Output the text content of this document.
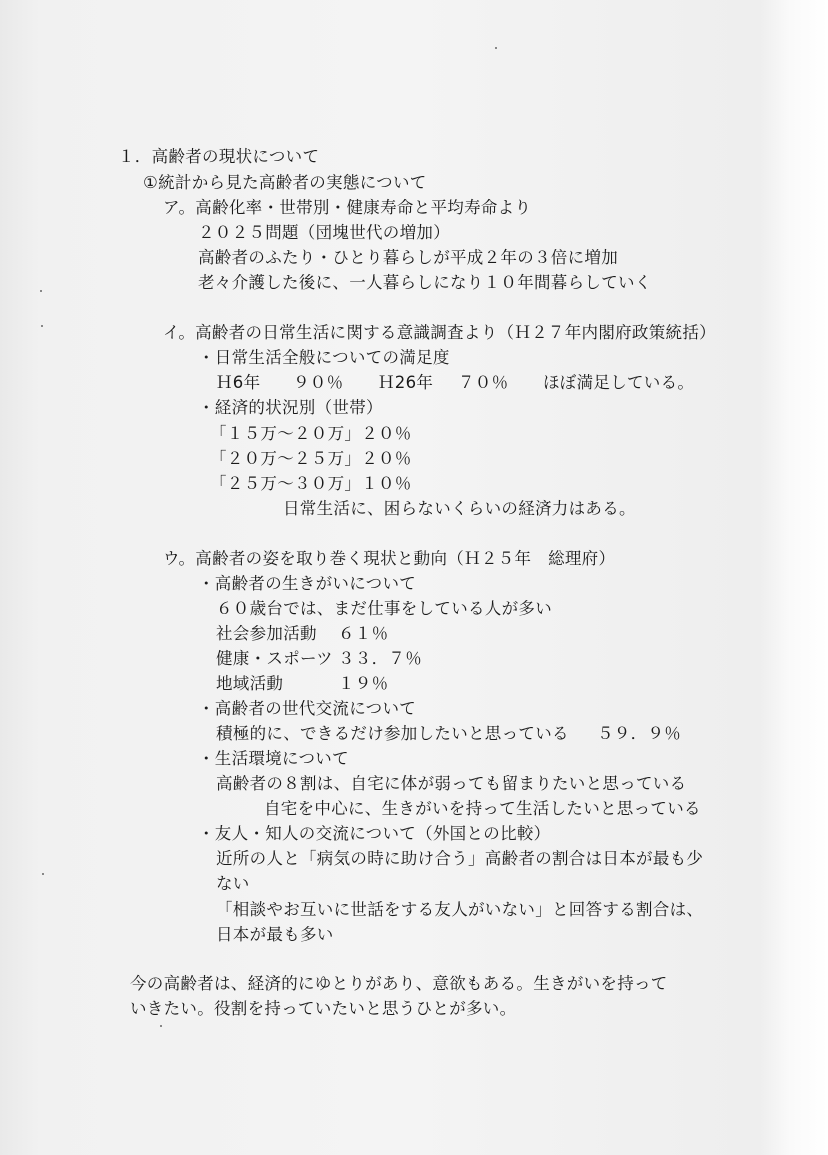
１．高齢者の現状について
①統計から見た高齢者の実態について
ア。高齢化率・世帯別・健康寿命と平均寿命より
２０２５問題（団塊世代の増加）
高齢者のふたり・ひとり暮らしが平成２年の３倍に増加
老々介護した後に、一人暮らしになり１０年間暮らしていく
イ。高齢者の日常生活に関する意識調査より（Ｈ２７年内閣府政策統括）
・日常生活全般についての満足度
Ｈ6年 ９０％ Ｈ26年 ７０％ ほぼ満足している。
・経済的状況別（世帯）
「１５万～２０万」２０％
「２０万～２５万」２０％
「２５万～３０万」１０％
日常生活に、困らないくらいの経済力はある。
ウ。高齢者の姿を取り巻く現状と動向（Ｈ２５年　総理府）
・高齢者の生きがいについて
６０歳台では、まだ仕事をしている人が多い
社会参加活動 ６１％
健康・スポーツ ３３．７％
地域活動	１９％
・高齢者の世代交流について
積極的に、できるだけ参加したいと思っている ５９．９％
・生活環境について
高齢者の８割は、自宅に体が弱っても留まりたいと思っている
自宅を中心に、生きがいを持って生活したいと思っている
・友人・知人の交流について（外国との比較）
近所の人と「病気の時に助け合う」高齢者の割合は日本が最も少
ない
「相談やお互いに世話をする友人がいない」と回答する割合は、
日本が最も多い
今の高齢者は、経済的にゆとりがあり、意欲もある。生きがいを持って
いきたい。役割を持っていたいと思うひとが多い。
